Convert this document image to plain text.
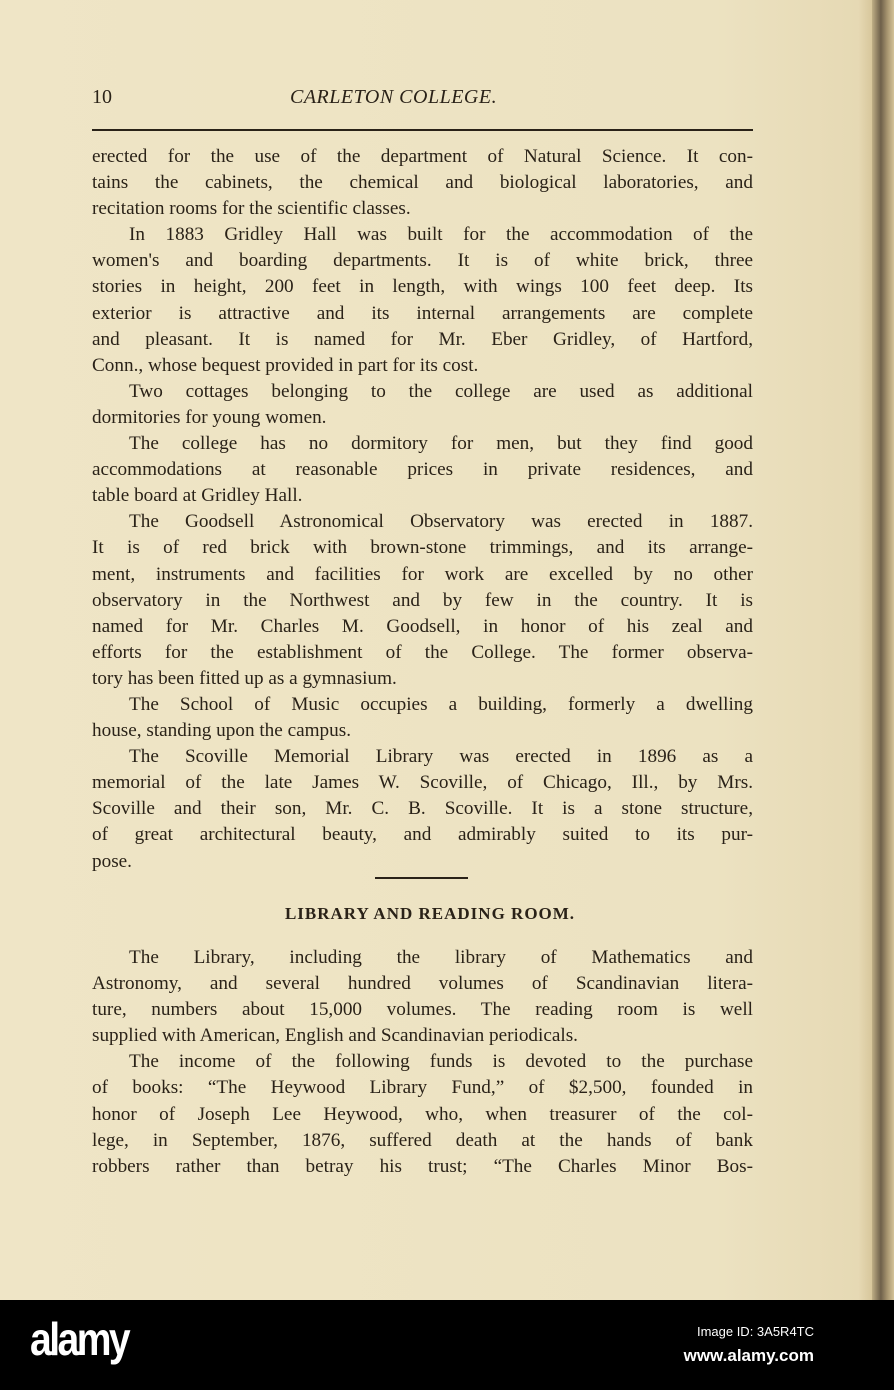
10	CARLETON COLLEGE.
erected for the use of the department of Natural Science. It con-
tains the cabinets, the chemical and biological laboratories, and
recitation rooms for the scientific classes.
In 1883 Gridley Hall was built for the accommodation of the
women's and boarding departments. It is of white brick, three
stories in height, 200 feet in length, with wings 100 feet deep. Its
exterior is attractive and its internal arrangements are complete
and pleasant. It is named for Mr. Eber Gridley, of Hartford,
Conn., whose bequest provided in part for its cost.
Two cottages belonging to the college are used as additional
dormitories for young women.
The college has no dormitory for men, but they find good
accommodations at reasonable prices in private residences, and
table board at Gridley Hall.
The Goodsell Astronomical Observatory was erected in 1887.
It is of red brick with brown-stone trimmings, and its arrange-
ment, instruments and facilities for work are excelled by no other
observatory in the Northwest and by few in the country. It is
named for Mr. Charles M. Goodsell, in honor of his zeal and
efforts for the establishment of the College. The former observa-
tory has been fitted up as a gymnasium.
The School of Music occupies a building, formerly a dwelling
house, standing upon the campus.
The Scoville Memorial Library was erected in 1896 as a
memorial of the late James W. Scoville, of Chicago, Ill., by Mrs.
Scoville and their son, Mr. C. B. Scoville. It is a stone structure,
of great architectural beauty, and admirably suited to its pur-
pose.
LIBRARY AND READING ROOM.
The Library, including the library of Mathematics and
Astronomy, and several hundred volumes of Scandinavian litera-
ture, numbers about 15,000 volumes. The reading room is well
supplied with American, English and Scandinavian periodicals.
The income of the following funds is devoted to the purchase
of books: “The Heywood Library Fund,” of $2,500, founded in
honor of Joseph Lee Heywood, who, when treasurer of the col-
lege, in September, 1876, suffered death at the hands of bank
robbers rather than betray his trust; “The Charles Minor Bos-
alamy	Image ID: 3A5R4TC
www.alamy.com
